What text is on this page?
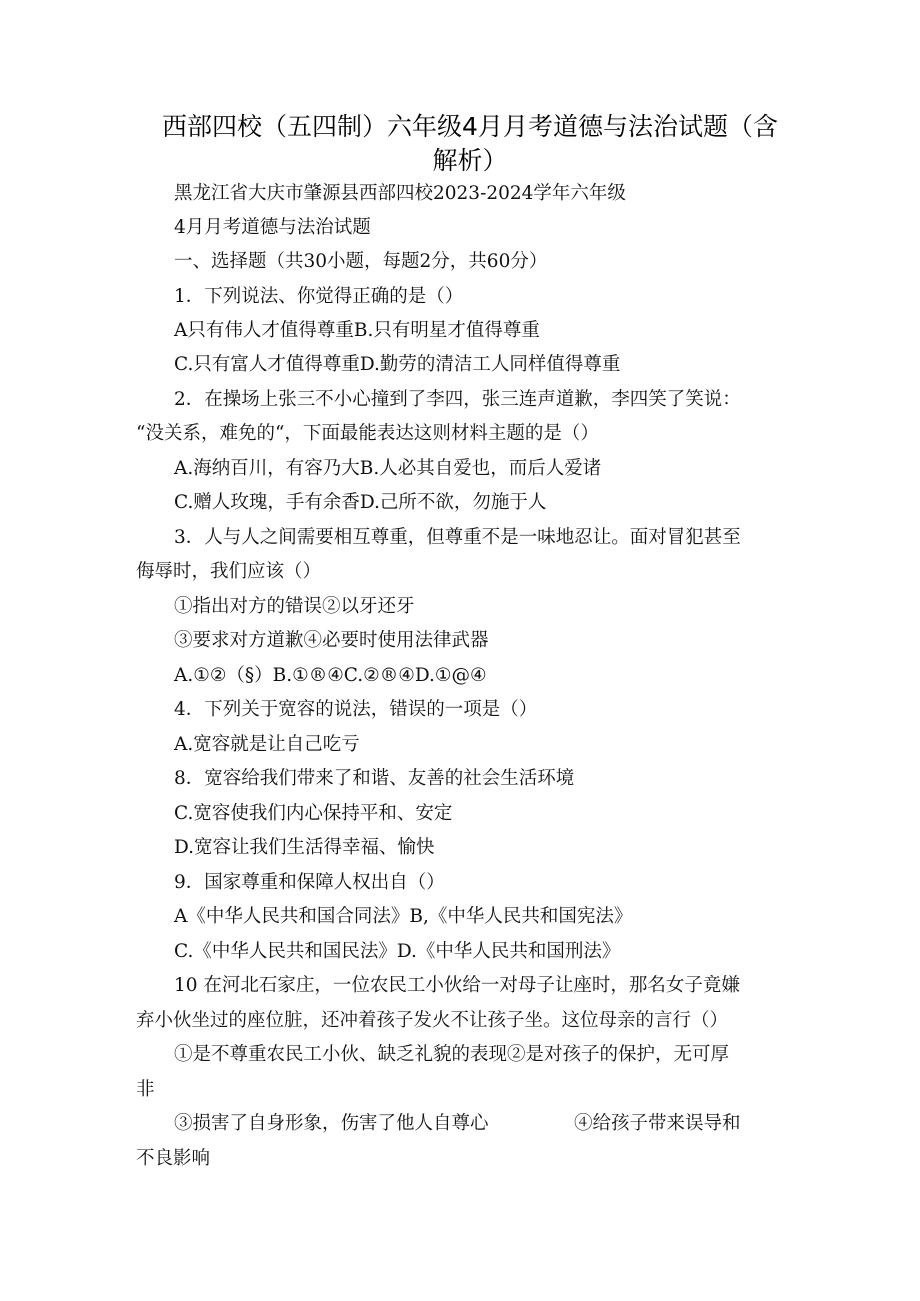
西部四校（五四制）六年级4月月考道德与法治试题（含
解析）
黑龙江省大庆市肇源县西部四校2023-2024学年六年级
4月月考道德与法治试题
一、选择题（共30小题，每题2分，共60分）
1．下列说法、你觉得正确的是（）
A只有伟人才值得尊重B.只有明星才值得尊重
C.只有富人才值得尊重D.勤劳的清洁工人同样值得尊重
2．在操场上张三不小心撞到了李四，张三连声道歉，李四笑了笑说：
“没关系，难免的“，下面最能表达这则材料主题的是（）
A.海纳百川，有容乃大B.人必其自爱也，而后人爱诸
C.赠人玫瑰，手有余香D.己所不欲，勿施于人
3．人与人之间需要相互尊重，但尊重不是一味地忍让。面对冒犯甚至
侮辱时，我们应该（）
①指出对方的错误②以牙还牙
③要求对方道歉④必要时使用法律武器
A.①②（§）B.①®④C.②®④D.①@④
4．下列关于宽容的说法，错误的一项是（）
A.宽容就是让自己吃亏
8．宽容给我们带来了和谐、友善的社会生活环境
C.宽容使我们内心保持平和、安定
D.宽容让我们生活得幸福、愉快
9．国家尊重和保障人权出自（）
A《中华人民共和国合同法》B,《中华人民共和国宪法》
C.《中华人民共和国民法》D.《中华人民共和国刑法》
10 在河北石家庄，一位农民工小伙给一对母子让座时，那名女子竟嫌
弃小伙坐过的座位脏，还冲着孩子发火不让孩子坐。这位母亲的言行（）
①是不尊重农民工小伙、缺乏礼貌的表现②是对孩子的保护，无可厚
非
③损害了自身形象，伤害了他人自尊心	④给孩子带来误导和
不良影响
